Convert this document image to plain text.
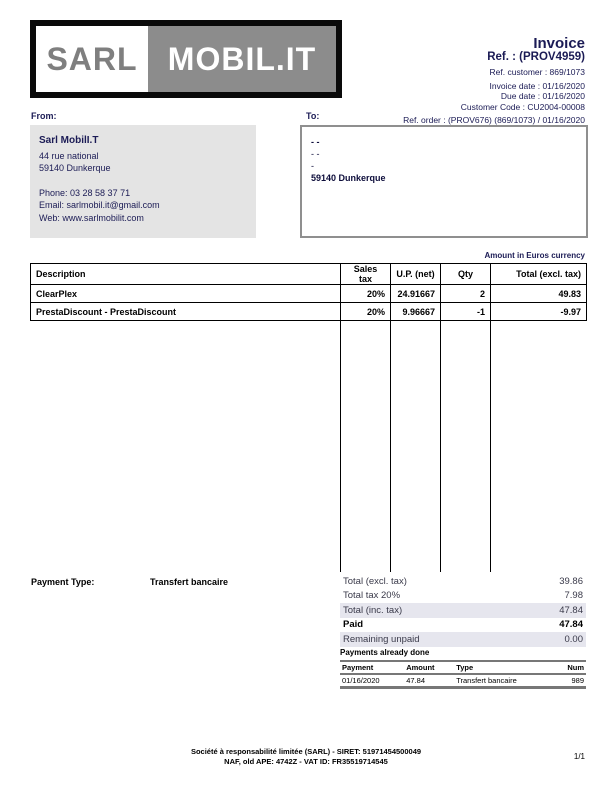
SARL MOBIL.IT	Invoice
Ref. : (PROV4959)
Ref. customer : 869/1073
Invoice date : 01/16/2020
Due date : 01/16/2020
Customer Code : CU2004-00008
Ref. order : (PROV676) (869/1073) / 01/16/2020
From:
Sarl MobilI.T
44 rue national
59140 Dunkerque
Phone: 03 28 58 37 71
Email: sarlmobil.it@gmail.com
Web: www.sarlmobilit.com
To:
- -
- -
-
59140 Dunkerque
Amount in Euros currency
Description	Sales tax	U.P. (net)	Qty	Total (excl. tax)
ClearPlex	20%	24.91667	2	49.83
PrestaDiscount - PrestaDiscount	20%	9.96667	-1	-9.97
Payment Type:	Transfert bancaire	Total (excl. tax)	39.86
Total tax 20%	7.98
Total (inc. tax)	47.84
Paid	47.84
Remaining unpaid	0.00
Payments already done
Payment	Amount	Type	Num
01/16/2020	47.84	Transfert bancaire	989
Société à responsabilité limitée (SARL) - SIRET: 51971454500049
NAF, old APE: 4742Z - VAT ID: FR35519714545	1/1
